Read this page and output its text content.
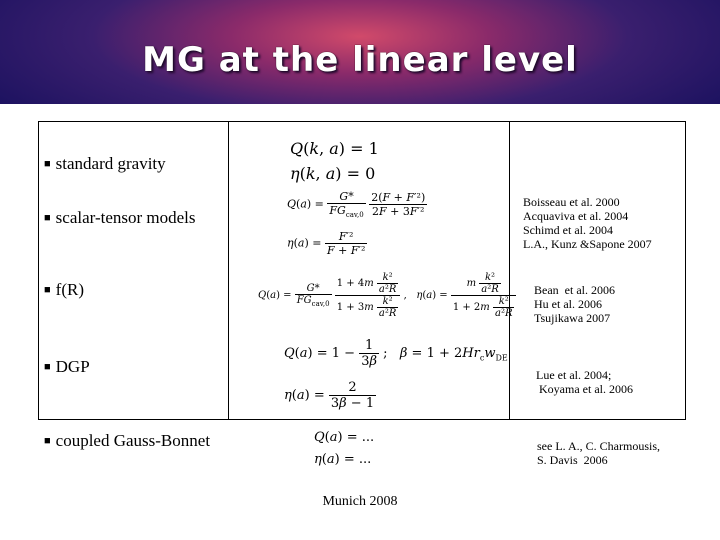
MG at the linear level
■ standard gravity
■ scalar-tensor models
■ f(R)
■ DGP
■ coupled Gauss-Bonnet
Q(k, a) = 1
η(k, a) = 0
$Q(a) = \frac{G*}{FG_{cav,0}}$
$\frac{\text{2(F + F′²)}}{\text{2F + 3F′²}}$
$\eta(a) = \frac{\text{F′²}}{\text{F + F′²}}$
$Q(a) = \frac{G*}{FG_{cav,0}}$
$\frac{1 + 4m \frac{\text{k²}}{\text{a²R}}}{1 + 3m \frac{\text{k²}}{\text{a²R}}}$ ,   $\eta(a) = \frac{m \frac{\text{k²}}{\text{a²R}}}{1 + 2m \frac{\text{k²}}{\text{a²R}}}$
$Q(a) = 1 - \frac{1}{3\beta}$ ;   $\beta = 1 + 2Hr_cw_{DE}$
$\eta(a) = \frac{2}{3\beta - 1}$
Q(a) = ...
η(a) = ...
Boisseau et al. 2000
Acquaviva et al. 2004
Schimd et al. 2004
L.A., Kunz &Sapone 2007
Bean  et al. 2006
Hu et al. 2006
Tsujikawa 2007
Lue et al. 2004;
Koyama et al. 2006
see L. A., C. Charmousis,
S. Davis  2006
Munich 2008
